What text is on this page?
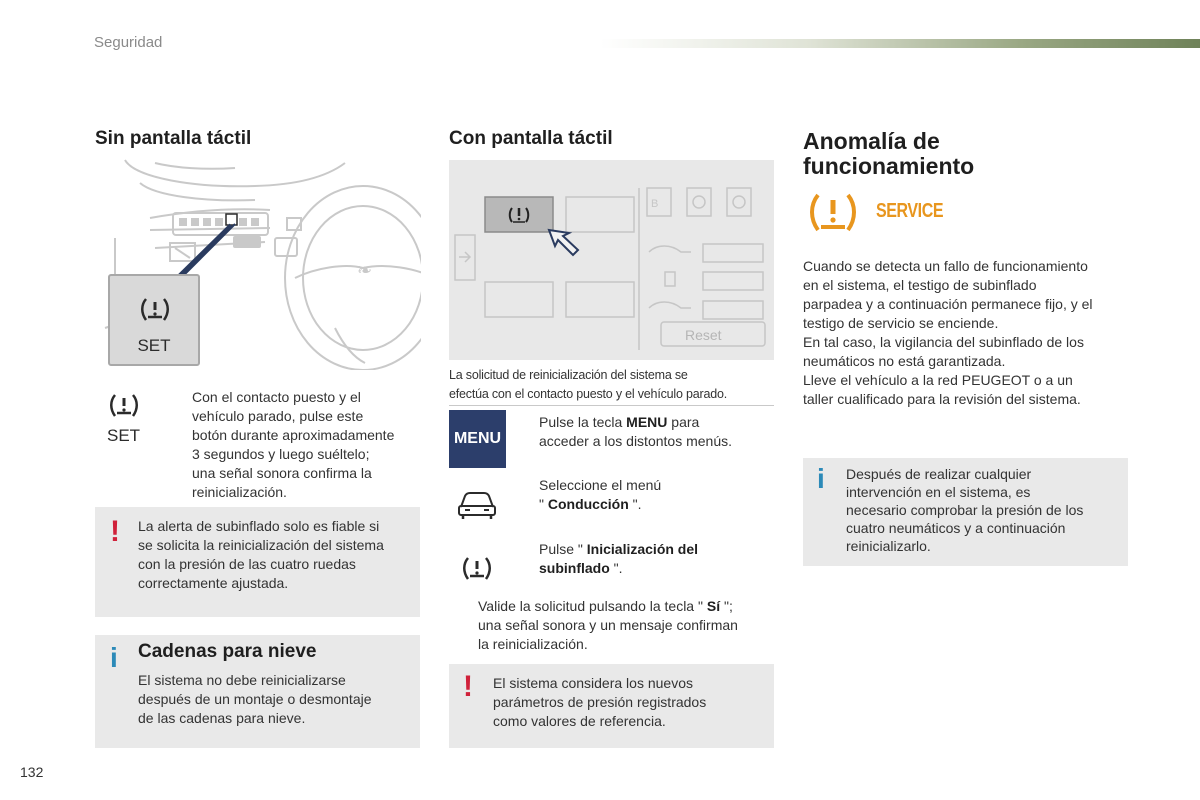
Seguridad
Sin pantalla táctil
❧
SET
SET
Con el contacto puesto y el
vehículo parado, pulse este
botón durante aproximadamente
3 segundos y luego suéltelo;
una señal sonora confirma la
reinicialización.
! La alerta de subinflado solo es fiable si
se solicita la reinicialización del sistema
con la presión de las cuatro ruedas
correctamente ajustada.
i Cadenas para nieve
El sistema no debe reinicializarse
después de un montaje o desmontaje
de las cadenas para nieve.
Con pantalla táctil
B
Reset
La solicitud de reinicialización del sistema se
efectúa con el contacto puesto y el vehículo parado.
MENU
Pulse la tecla MENU para
acceder a los distontos menús.
Seleccione el menú
" Conducción ".
Pulse " Inicialización del
subinflado ".
Valide la solicitud pulsando la tecla " Sí ";
una señal sonora y un mensaje confirman
la reinicialización.
! El sistema considera los nuevos
parámetros de presión registrados
como valores de referencia.
Anomalía de
funcionamiento
SERVICE
Cuando se detecta un fallo de funcionamiento
en el sistema, el testigo de subinflado
parpadea y a continuación permanece fijo, y el
testigo de servicio se enciende.
En tal caso, la vigilancia del subinflado de los
neumáticos no está garantizada.
Lleve el vehículo a la red PEUGEOT o a un
taller cualificado para la revisión del sistema.
i Después de realizar cualquier
intervención en el sistema, es
necesario comprobar la presión de los
cuatro neumáticos y a continuación
reinicializarlo.
132
